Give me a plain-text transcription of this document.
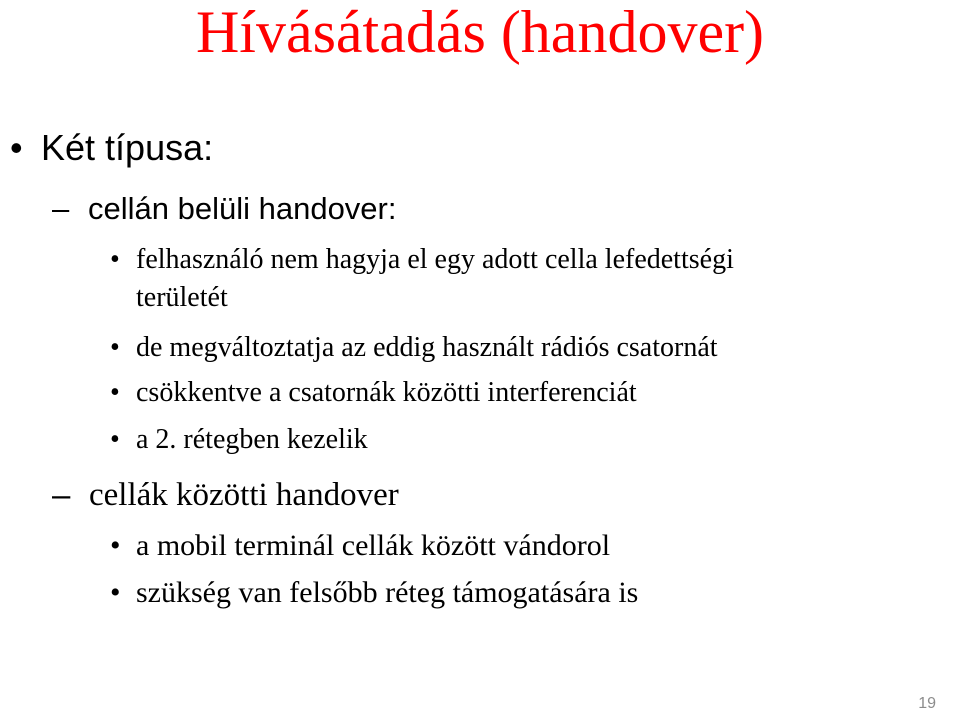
Hívásátadás (handover)
• Két típusa:
– cellán belüli handover:
• felhasználó nem hagyja el egy adott cella lefedettségi
területét
• de megváltoztatja az eddig használt rádiós csatornát
• csökkentve a csatornák közötti interferenciát
• a 2. rétegben kezelik
– cellák közötti handover
• a mobil terminál cellák között vándorol
• szükség van felsőbb réteg támogatására is
19
